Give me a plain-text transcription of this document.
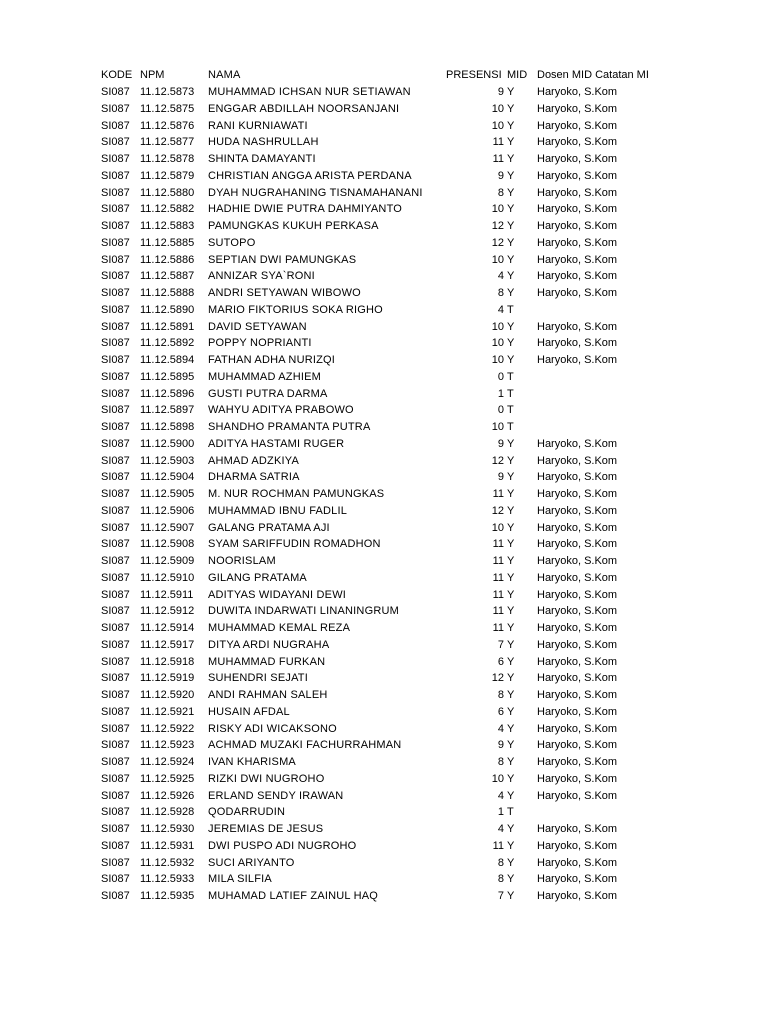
KODE NPM	NAMA	PRESENSI MID Dosen MID Catatan MI
SI087 11.12.5873 MUHAMMAD ICHSAN NUR SETIAWAN	9 Y Haryoko, S.Kom
SI087 11.12.5875 ENGGAR ABDILLAH NOORSANJANI	10 Y Haryoko, S.Kom
SI087 11.12.5876 RANI KURNIAWATI	10 Y Haryoko, S.Kom
SI087 11.12.5877 HUDA NASHRULLAH	11 Y Haryoko, S.Kom
SI087 11.12.5878 SHINTA DAMAYANTI	11 Y Haryoko, S.Kom
SI087 11.12.5879 CHRISTIAN ANGGA ARISTA PERDANA	9 Y Haryoko, S.Kom
SI087 11.12.5880 DYAH NUGRAHANING TISNAMAHANANI	8 Y Haryoko, S.Kom
SI087 11.12.5882 HADHIE DWIE PUTRA DAHMIYANTO	10 Y Haryoko, S.Kom
SI087 11.12.5883 PAMUNGKAS KUKUH PERKASA	12 Y Haryoko, S.Kom
SI087 11.12.5885 SUTOPO	12 Y Haryoko, S.Kom
SI087 11.12.5886 SEPTIAN DWI PAMUNGKAS	10 Y Haryoko, S.Kom
SI087 11.12.5887 ANNIZAR SYA`RONI	4 Y Haryoko, S.Kom
SI087 11.12.5888 ANDRI SETYAWAN WIBOWO	8 Y Haryoko, S.Kom
SI087 11.12.5890 MARIO FIKTORIUS SOKA RIGHO	4 T
SI087 11.12.5891 DAVID SETYAWAN	10 Y Haryoko, S.Kom
SI087 11.12.5892 POPPY NOPRIANTI	10 Y Haryoko, S.Kom
SI087 11.12.5894 FATHAN ADHA NURIZQI	10 Y Haryoko, S.Kom
SI087 11.12.5895 MUHAMMAD AZHIEM	0 T
SI087 11.12.5896 GUSTI PUTRA DARMA	1 T
SI087 11.12.5897 WAHYU ADITYA PRABOWO	0 T
SI087 11.12.5898 SHANDHO PRAMANTA PUTRA	10 T
SI087 11.12.5900 ADITYA HASTAMI RUGER	9 Y Haryoko, S.Kom
SI087 11.12.5903 AHMAD ADZKIYA	12 Y Haryoko, S.Kom
SI087 11.12.5904 DHARMA SATRIA	9 Y Haryoko, S.Kom
SI087 11.12.5905 M. NUR ROCHMAN PAMUNGKAS	11 Y Haryoko, S.Kom
SI087 11.12.5906 MUHAMMAD IBNU FADLIL	12 Y Haryoko, S.Kom
SI087 11.12.5907 GALANG PRATAMA AJI	10 Y Haryoko, S.Kom
SI087 11.12.5908 SYAM SARIFFUDIN ROMADHON	11 Y Haryoko, S.Kom
SI087 11.12.5909 NOORISLAM	11 Y Haryoko, S.Kom
SI087 11.12.5910 GILANG PRATAMA	11 Y Haryoko, S.Kom
SI087 11.12.5911 ADITYAS WIDAYANI DEWI	11 Y Haryoko, S.Kom
SI087 11.12.5912 DUWITA INDARWATI LINANINGRUM	11 Y Haryoko, S.Kom
SI087 11.12.5914 MUHAMMAD KEMAL REZA	11 Y Haryoko, S.Kom
SI087 11.12.5917 DITYA ARDI NUGRAHA	7 Y Haryoko, S.Kom
SI087 11.12.5918 MUHAMMAD FURKAN	6 Y Haryoko, S.Kom
SI087 11.12.5919 SUHENDRI SEJATI	12 Y Haryoko, S.Kom
SI087 11.12.5920 ANDI RAHMAN SALEH	8 Y Haryoko, S.Kom
SI087 11.12.5921 HUSAIN AFDAL	6 Y Haryoko, S.Kom
SI087 11.12.5922 RISKY ADI WICAKSONO	4 Y Haryoko, S.Kom
SI087 11.12.5923 ACHMAD MUZAKI FACHURRAHMAN	9 Y Haryoko, S.Kom
SI087 11.12.5924 IVAN KHARISMA	8 Y Haryoko, S.Kom
SI087 11.12.5925 RIZKI DWI NUGROHO	10 Y Haryoko, S.Kom
SI087 11.12.5926 ERLAND SENDY IRAWAN	4 Y Haryoko, S.Kom
SI087 11.12.5928 QODARRUDIN	1 T
SI087 11.12.5930 JEREMIAS DE JESUS	4 Y Haryoko, S.Kom
SI087 11.12.5931 DWI PUSPO ADI NUGROHO	11 Y Haryoko, S.Kom
SI087 11.12.5932 SUCI ARIYANTO	8 Y Haryoko, S.Kom
SI087 11.12.5933 MILA SILFIA	8 Y Haryoko, S.Kom
SI087 11.12.5935 MUHAMAD LATIEF ZAINUL HAQ	7 Y Haryoko, S.Kom
